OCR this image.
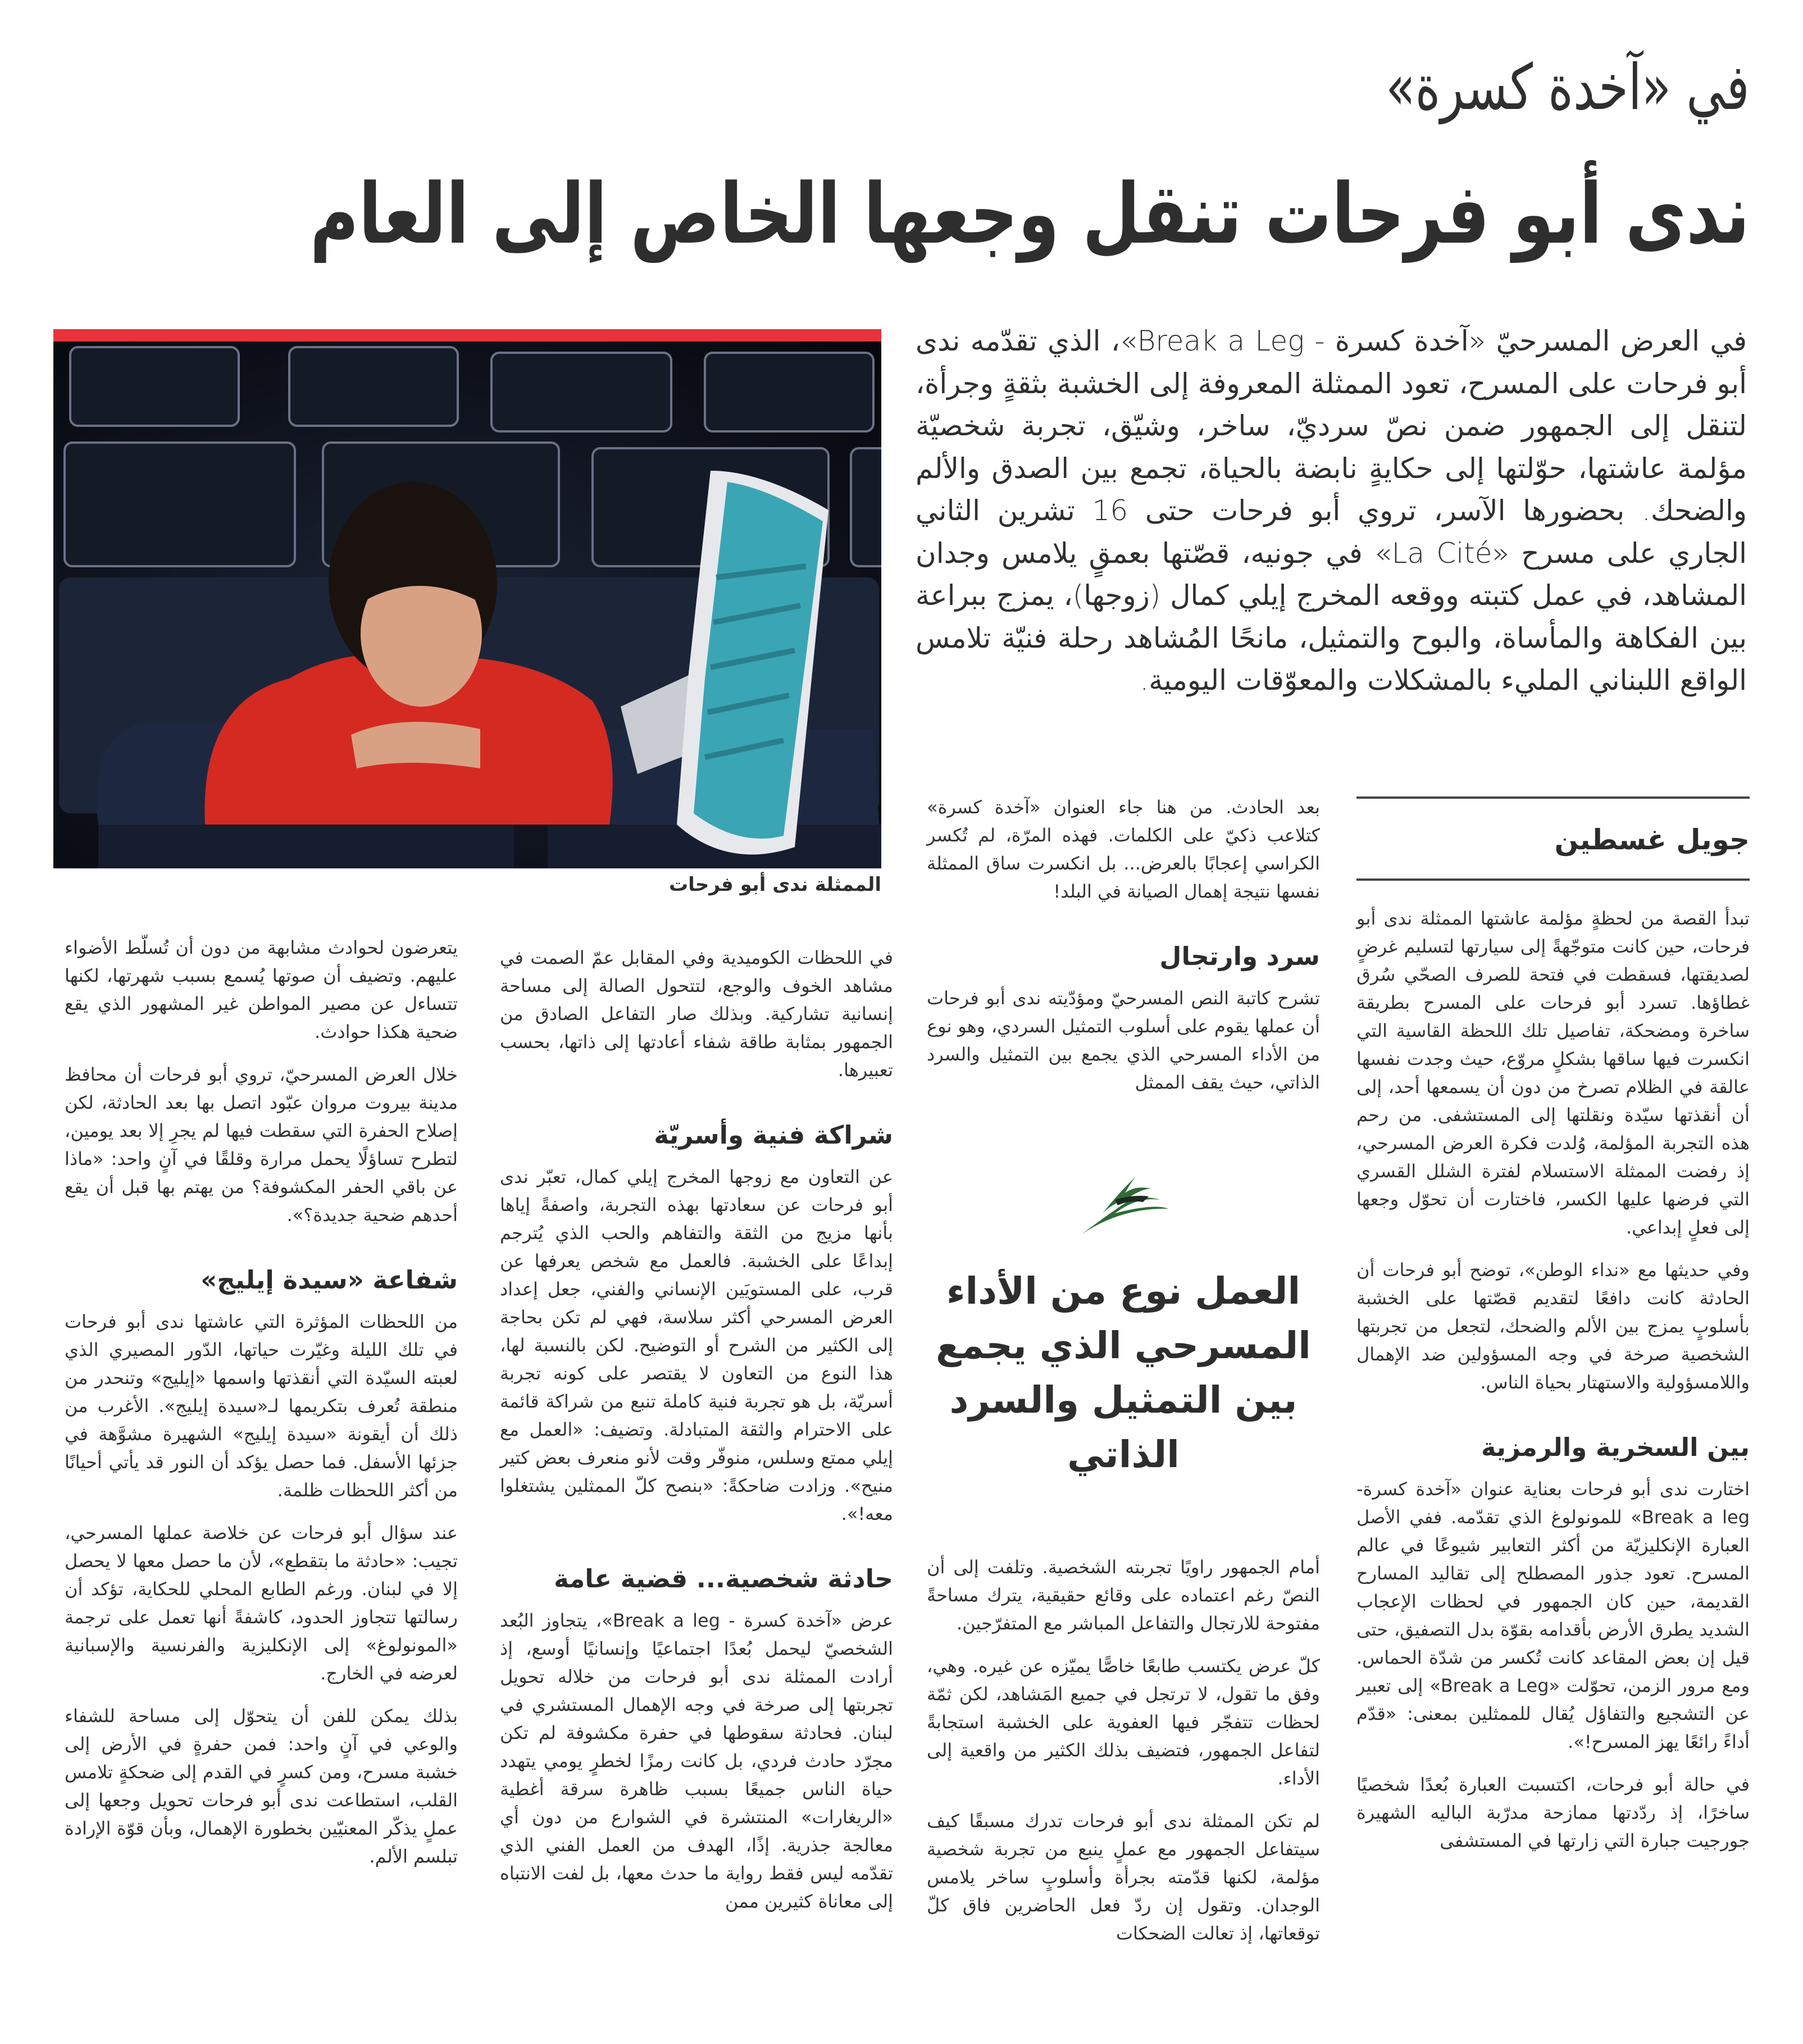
في «آخدة كسرة»
ندى أبو فرحات تنقل وجعها الخاص إلى العام
في العرض المسرحيّ «آخدة كسرة - Break a Leg»، الذي تقدّمه ندى أبو فرحات على المسرح، تعود الممثلة المعروفة إلى الخشبة بثقةٍ وجرأة، لتنقل إلى الجمهور ضمن نصّ سرديّ، ساخر، وشيّق، تجربة شخصيّة مؤلمة عاشتها، حوّلتها إلى حكايةٍ نابضة بالحياة، تجمع بين الصدق والألم والضحك. بحضورها الآسر، تروي أبو فرحات حتى 16 تشرين الثاني الجاري على مسرح «La Cité» في جونيه، قصّتها بعمقٍ يلامس وجدان المشاهد، في عمل كتبته ووقعه المخرج إيلي كمال (زوجها)، يمزج ببراعة بين الفكاهة والمأساة، والبوح والتمثيل، مانحًا المُشاهد رحلة فنيّة تلامس الواقع اللبناني المليء بالمشكلات والمعوّقات اليومية.
الممثلة ندى أبو فرحات
جويل غسطين

تبدأ القصة من لحظةٍ مؤلمة عاشتها الممثلة ندى أبو فرحات، حين كانت متوجّهةً إلى سيارتها لتسليم غرضٍ لصديقتها، فسقطت في فتحة للصرف الصحّي سُرق غطاؤها. تسرد أبو فرحات على المسرح بطريقة ساخرة ومضحكة، تفاصيل تلك اللحظة القاسية التي انكسرت فيها ساقها بشكلٍ مروّع، حيث وجدت نفسها عالقة في الظلام تصرخ من دون أن يسمعها أحد، إلى أن أنقذتها سيّدة ونقلتها إلى المستشفى. من رحم هذه التجربة المؤلمة، وُلدت فكرة العرض المسرحي، إذ رفضت الممثلة الاستسلام لفترة الشلل القسري التي فرضها عليها الكسر، فاختارت أن تحوّل وجعها إلى فعلٍ إبداعي.

وفي حديثها مع «نداء الوطن»، توضح أبو فرحات أن الحادثة كانت دافعًا لتقديم قصّتها على الخشبة بأسلوبٍ يمزج بين الألم والضحك، لتجعل من تجربتها الشخصية صرخة في وجه المسؤولين ضد الإهمال واللامسؤولية والاستهتار بحياة الناس.

بين السخرية والرمزية

اختارت ندى أبو فرحات بعناية عنوان «آخدة كسرة- Break a leg» للمونولوغ الذي تقدّمه. ففي الأصل العبارة الإنكليزيّة من أكثر التعابير شيوعًا في عالم المسرح. تعود جذور المصطلح إلى تقاليد المسارح القديمة، حين كان الجمهور في لحظات الإعجاب الشديد يطرق الأرض بأقدامه بقوّة بدل التصفيق، حتى قيل إن بعض المقاعد كانت تُكسر من شدّة الحماس. ومع مرور الزمن، تحوّلت «Break a Leg» إلى تعبير عن التشجيع والتفاؤل يُقال للممثلين بمعنى: «قدّم أداءً رائعًا يهز المسرح!».

في حالة أبو فرحات، اكتسبت العبارة بُعدًا شخصيًا ساخرًا، إذ ردّدتها ممازحة مدرّبة الباليه الشهيرة جورجيت جبارة التي زارتها في المستشفى

بعد الحادث. من هنا جاء العنوان «آخدة كسرة» كتلاعب ذكيّ على الكلمات. فهذه المرّة، لم تُكسر الكراسي إعجابًا بالعرض... بل انكسرت ساق الممثلة نفسها نتيجة إهمال الصيانة في البلد!

سرد وارتجال

تشرح كاتبة النص المسرحيّ ومؤدّيته ندى أبو فرحات أن عملها يقوم على أسلوب التمثيل السردي، وهو نوع من الأداء المسرحي الذي يجمع بين التمثيل والسرد الذاتي، حيث يقف الممثل

العمل نوع من الأداء المسرحي الذي يجمع بين التمثيل والسرد الذاتي

أمام الجمهور راويًا تجربته الشخصية. وتلفت إلى أن النصّ رغم اعتماده على وقائع حقيقية، يترك مساحةً مفتوحة للارتجال والتفاعل المباشر مع المتفرّجين.

كلّ عرض يكتسب طابعًا خاصًّا يميّزه عن غيره. وهي، وفق ما تقول، لا ترتجل في جميع المَشاهد، لكن ثمّة لحظات تتفجّر فيها العفوية على الخشبة استجابةً لتفاعل الجمهور، فتضيف بذلك الكثير من واقعية إلى الأداء.

لم تكن الممثلة ندى أبو فرحات تدرك مسبقًا كيف سيتفاعل الجمهور مع عملٍ ينبع من تجربة شخصية مؤلمة، لكنها قدّمته بجرأة وأسلوبٍ ساخر يلامس الوجدان. وتقول إن ردّ فعل الحاضرين فاق كلّ توقعاتها، إذ تعالت الضحكات

في اللحظات الكوميدية وفي المقابل عمّ الصمت في مشاهد الخوف والوجع، لتتحول الصالة إلى مساحة إنسانية تشاركية. وبذلك صار التفاعل الصادق من الجمهور بمثابة طاقة شفاء أعادتها إلى ذاتها، بحسب تعبيرها.

شراكة فنية وأسريّة

عن التعاون مع زوجها المخرج إيلي كمال، تعبّر ندى أبو فرحات عن سعادتها بهذه التجربة، واصفةً إياها بأنها مزيج من الثقة والتفاهم والحب الذي يُترجم إبداعًا على الخشبة. فالعمل مع شخص يعرفها عن قرب، على المستويَين الإنساني والفني، جعل إعداد العرض المسرحي أكثر سلاسة، فهي لم تكن بحاجة إلى الكثير من الشرح أو التوضيح. لكن بالنسبة لها، هذا النوع من التعاون لا يقتصر على كونه تجربة أسريّة، بل هو تجربة فنية كاملة تنبع من شراكة قائمة على الاحترام والثقة المتبادلة. وتضيف: «العمل مع إيلي ممتع وسلس، منوفّر وقت لأنو منعرف بعض كتير منيح». وزادت ضاحكةً: «بنصح كلّ الممثلين يشتغلوا معه!».

حادثة شخصية... قضية عامة

عرض «آخدة كسرة - Break a leg»، يتجاوز البُعد الشخصيّ ليحمل بُعدًا اجتماعيًا وإنسانيًا أوسع، إذ أرادت الممثلة ندى أبو فرحات من خلاله تحويل تجربتها إلى صرخة في وجه الإهمال المستشري في لبنان. فحادثة سقوطها في حفرة مكشوفة لم تكن مجرّد حادث فردي، بل كانت رمزًا لخطرٍ يومي يتهدد حياة الناس جميعًا بسبب ظاهرة سرقة أغطية «الريغارات» المنتشرة في الشوارع من دون أي معالجة جذرية. إذًا، الهدف من العمل الفني الذي تقدّمه ليس فقط رواية ما حدث معها، بل لفت الانتباه إلى معاناة كثيرين ممن

يتعرضون لحوادث مشابهة من دون أن تُسلّط الأضواء عليهم. وتضيف أن صوتها يُسمع بسبب شهرتها، لكنها تتساءل عن مصير المواطن غير المشهور الذي يقع ضحية هكذا حوادث.

خلال العرض المسرحيّ، تروي أبو فرحات أن محافظ مدينة بيروت مروان عبّود اتصل بها بعد الحادثة، لكن إصلاح الحفرة التي سقطت فيها لم يجرِ إلا بعد يومين، لتطرح تساؤلًا يحمل مرارة وقلقًا في آنٍ واحد: «ماذا عن باقي الحفر المكشوفة؟ من يهتم بها قبل أن يقع أحدهم ضحية جديدة؟».

شفاعة «سيدة إيليج»

من اللحظات المؤثرة التي عاشتها ندى أبو فرحات في تلك الليلة وغيّرت حياتها، الدّور المصيري الذي لعبته السيّدة التي أنقذتها واسمها «إيليج» وتنحدر من منطقة تُعرف بتكريمها لـ«سيدة إيليج». الأغرب من ذلك أن أيقونة «سيدة إيليج» الشهيرة مشوَّهة في جزئها الأسفل. فما حصل يؤكد أن النور قد يأتي أحيانًا من أكثر اللحظات ظلمة.

عند سؤال أبو فرحات عن خلاصة عملها المسرحي، تجيب: «حادثة ما بتقطع»، لأن ما حصل معها لا يحصل إلا في لبنان. ورغم الطابع المحلي للحكاية، تؤكد أن رسالتها تتجاوز الحدود، كاشفةً أنها تعمل على ترجمة «المونولوغ» إلى الإنكليزية والفرنسية والإسبانية لعرضه في الخارج.

بذلك يمكن للفن أن يتحوّل إلى مساحة للشفاء والوعي في آنٍ واحد: فمن حفرةٍ في الأرض إلى خشبة مسرح، ومن كسرٍ في القدم إلى ضحكةٍ تلامس القلب، استطاعت ندى أبو فرحات تحويل وجعها إلى عملٍ يذكّر المعنيّين بخطورة الإهمال، وبأن قوّة الإرادة تبلسم الألم.
